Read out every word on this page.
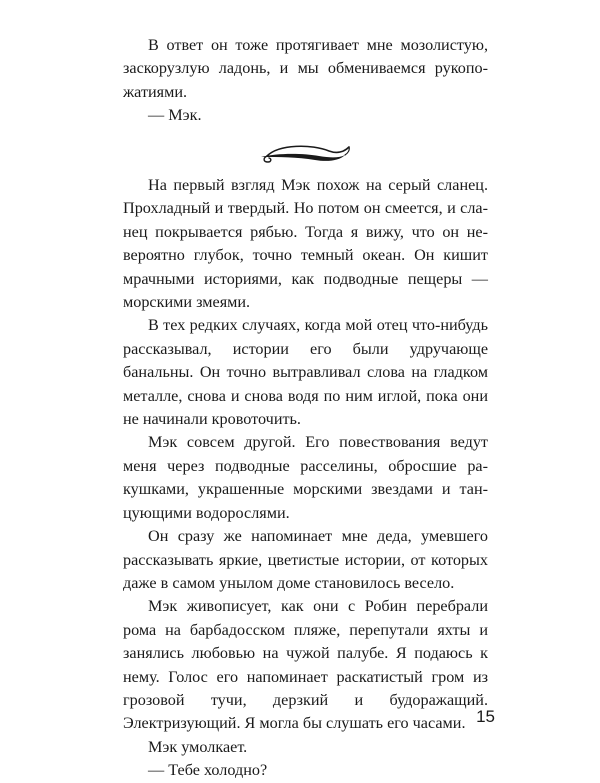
В ответ он тоже протягивает мне мозолистую, заскорузлую ладонь, и мы обмениваемся рукопожатиями.

— Мэк.

На первый взгляд Мэк похож на серый сланец. Прохладный и твердый. Но потом он смеется, и слaнец покрывается рябью. Тогда я вижу, что он невероятно глубок, точно темный океан. Он кишит мрачными историями, как подводные пещеры — морскими змеями.

В тех редких случаях, когда мой отец что-нибудь рассказывал, истории его были удручающе банальны. Он точно вытравливал слова на гладком металле, снова и снова водя по ним иглой, пока они не начинали кровоточить.

Мэк совсем другой. Его повествования ведут меня через подводные расселины, обросшие ракушками, украшенные морскими звездами и танцующими водорослями.

Он сразу же напоминает мне деда, умевшего рассказывать яркие, цветистые истории, от которых даже в самом унылом доме становилось весело.

Мэк живописует, как они с Робин перебрали рома на барбадосском пляже, перепутали яхты и занялись любовью на чужой палубе. Я подаюсь к нему. Голос его напоминает раскатистый гром из грозовой тучи, дерзкий и будоражащий. Электризующий. Я могла бы слушать его часами.

Мэк умолкает.

— Тебе холодно?

15
